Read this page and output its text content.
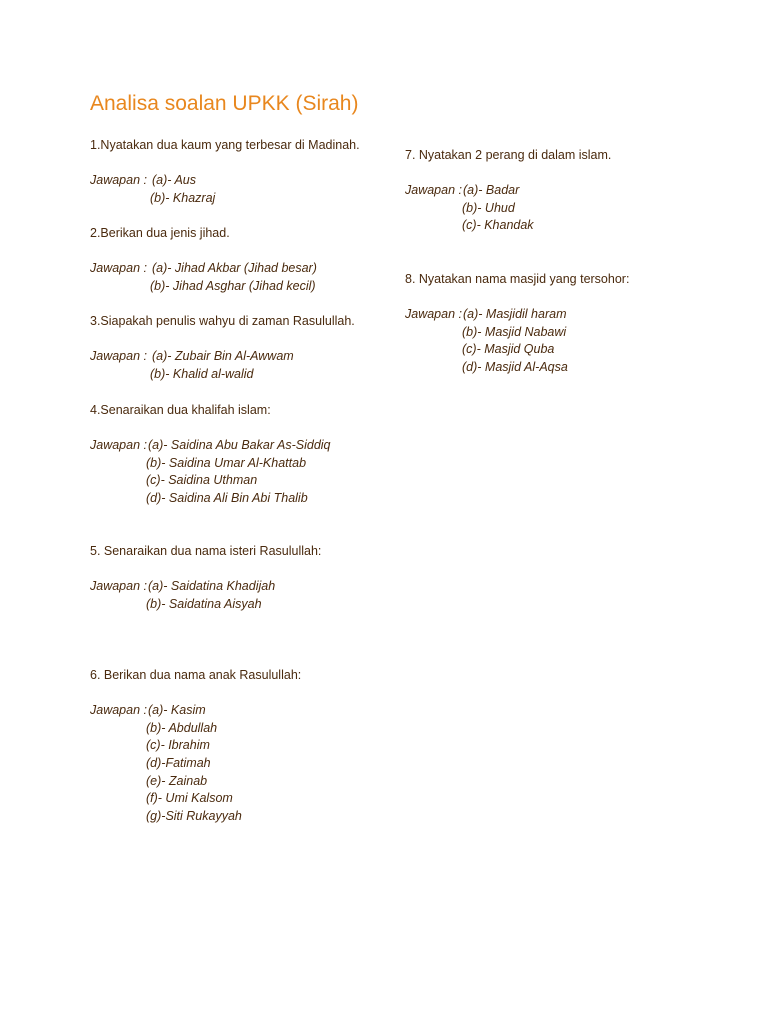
Analisa soalan UPKK (Sirah)

1.Nyatakan dua kaum yang terbesar di Madinah.

Jawapan : (a)- Aus
(b)- Khazraj

2.Berikan dua jenis jihad.

Jawapan : (a)- Jihad Akbar (Jihad besar)
(b)- Jihad Asghar (Jihad kecil)

3.Siapakah penulis wahyu di zaman Rasulullah.

Jawapan : (a)- Zubair Bin Al-Awwam
(b)- Khalid al-walid

4.Senaraikan dua khalifah islam:

Jawapan : (a)- Saidina Abu Bakar As-Siddiq
(b)- Saidina Umar Al-Khattab
(c)- Saidina Uthman
(d)- Saidina Ali Bin Abi Thalib

5. Senaraikan dua nama isteri Rasulullah:

Jawapan : (a)- Saidatina Khadijah
(b)- Saidatina Aisyah

6. Berikan dua nama anak Rasulullah:

Jawapan : (a)- Kasim
(b)- Abdullah
(c)- Ibrahim
(d)-Fatimah
(e)- Zainab
(f)- Umi Kalsom
(g)-Siti Rukayyah

7. Nyatakan 2 perang di dalam islam.

Jawapan : (a)- Badar
(b)- Uhud
(c)- Khandak

8. Nyatakan nama masjid yang tersohor:

Jawapan : (a)- Masjidil haram
(b)- Masjid Nabawi
(c)- Masjid Quba
(d)- Masjid Al-Aqsa
